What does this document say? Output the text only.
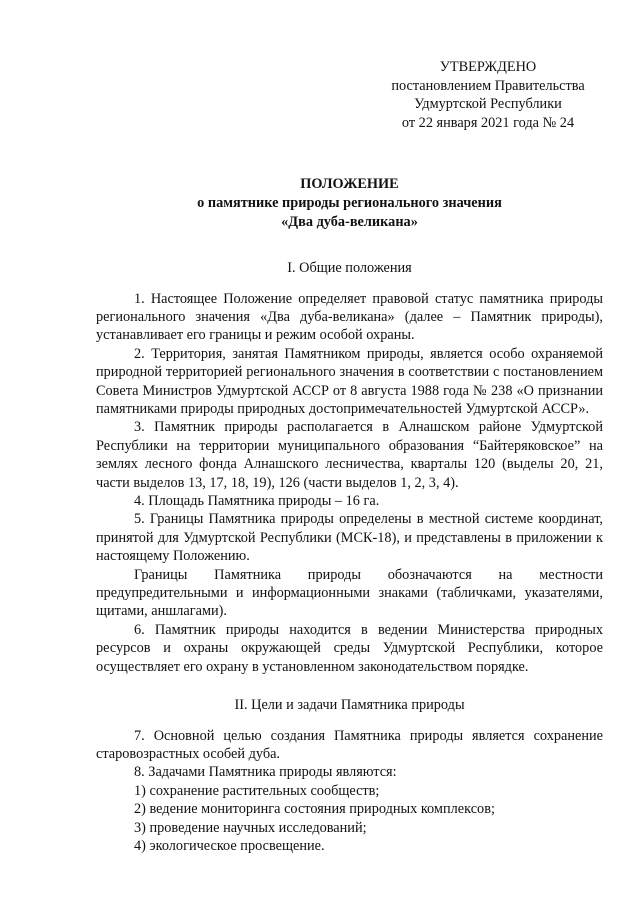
УТВЕРЖДЕНО
постановлением Правительства
Удмуртской Республики
от 22 января 2021 года № 24
ПОЛОЖЕНИЕ
о памятнике природы регионального значения
«Два дуба-великана»
I. Общие положения

1. Настоящее Положение определяет правовой статус памятника природы регионального значения «Два дуба-великана» (далее – Памятник природы), устанавливает его границы и режим особой охраны.

2. Территория, занятая Памятником природы, является особо охраняемой природной территорией регионального значения в соответствии с постановлением Совета Министров Удмуртской АССР от 8 августа 1988 года № 238 «О признании памятниками природы природных достопримечательностей Удмуртской АССР».

3. Памятник природы располагается в Алнашском районе Удмуртской Республики на территории муниципального образования “Байтеряковское” на землях лесного фонда Алнашского лесничества, кварталы 120 (выделы 20, 21, части выделов 13, 17, 18, 19), 126 (части выделов 1, 2, 3, 4).

4. Площадь Памятника природы – 16 га.

5. Границы Памятника природы определены в местной системе координат, принятой для Удмуртской Республики (МСК-18), и представлены в приложении к настоящему Положению.

Границы Памятника природы обозначаются на местности предупредительными и информационными знаками (табличками, указателями, щитами, аншлагами).

6. Памятник природы находится в ведении Министерства природных ресурсов и охраны окружающей среды Удмуртской Республики, которое осуществляет его охрану в установленном законодательством порядке.

II. Цели и задачи Памятника природы

7. Основной целью создания Памятника природы является сохранение старовозрастных особей дуба.

8. Задачами Памятника природы являются:

1) сохранение растительных сообществ;
2) ведение мониторинга состояния природных комплексов;
3) проведение научных исследований;
4) экологическое просвещение.
